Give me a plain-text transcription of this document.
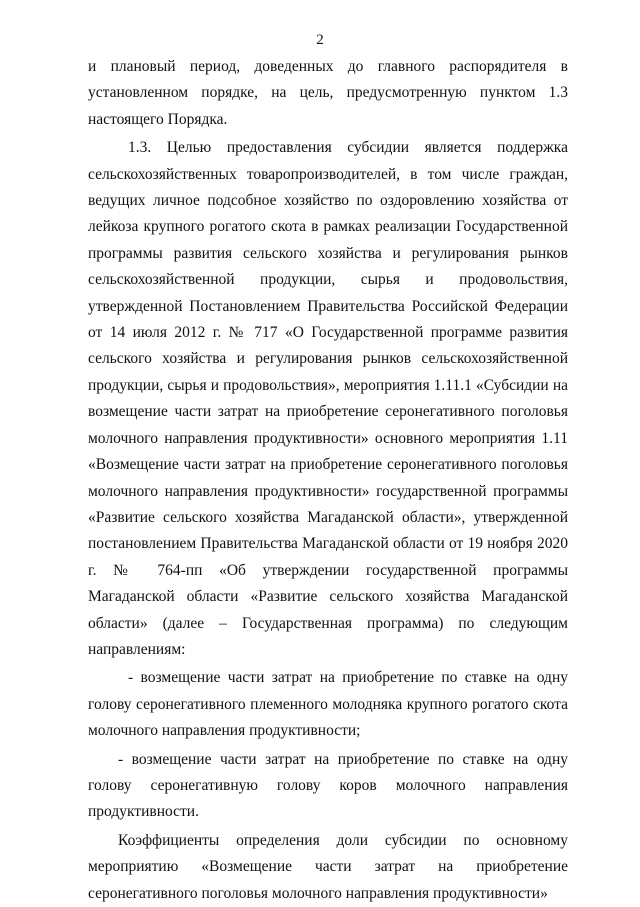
2

и плановый период, доведенных до главного распорядителя в установленном порядке, на цель, предусмотренную пунктом 1.3 настоящего Порядка.

1.3. Целью предоставления субсидии является поддержка сельскохозяйственных товаропроизводителей, в том числе граждан, ведущих личное подсобное хозяйство по оздоровлению хозяйства от лейкоза крупного рогатого скота в рамках реализации Государственной программы развития сельского хозяйства и регулирования рынков сельскохозяйственной продукции, сырья и продовольствия, утвержденной Постановлением Правительства Российской Федерации от 14 июля 2012 г. № 717 «О Государственной программе развития сельского хозяйства и регулирования рынков сельскохозяйственной продукции, сырья и продовольствия», мероприятия 1.11.1 «Субсидии на возмещение части затрат на приобретение серонегативного поголовья молочного направления продуктивности» основного мероприятия 1.11 «Возмещение части затрат на приобретение серонегативного поголовья молочного направления продуктивности» государственной программы «Развитие сельского хозяйства Магаданской области», утвержденной постановлением Правительства Магаданской области от 19 ноября 2020 г. № 764-пп «Об утверждении государственной программы Магаданской области «Развитие сельского хозяйства Магаданской области» (далее – Государственная программа) по следующим направлениям:

- возмещение части затрат на приобретение по ставке на одну голову серонегативного племенного молодняка крупного рогатого скота молочного направления продуктивности;

- возмещение части затрат на приобретение по ставке на одну голову серонегативную голову коров молочного направления продуктивности.

Коэффициенты определения доли субсидии по основному мероприятию «Возмещение части затрат на приобретение серонегативного поголовья молочного направления продуктивности»
